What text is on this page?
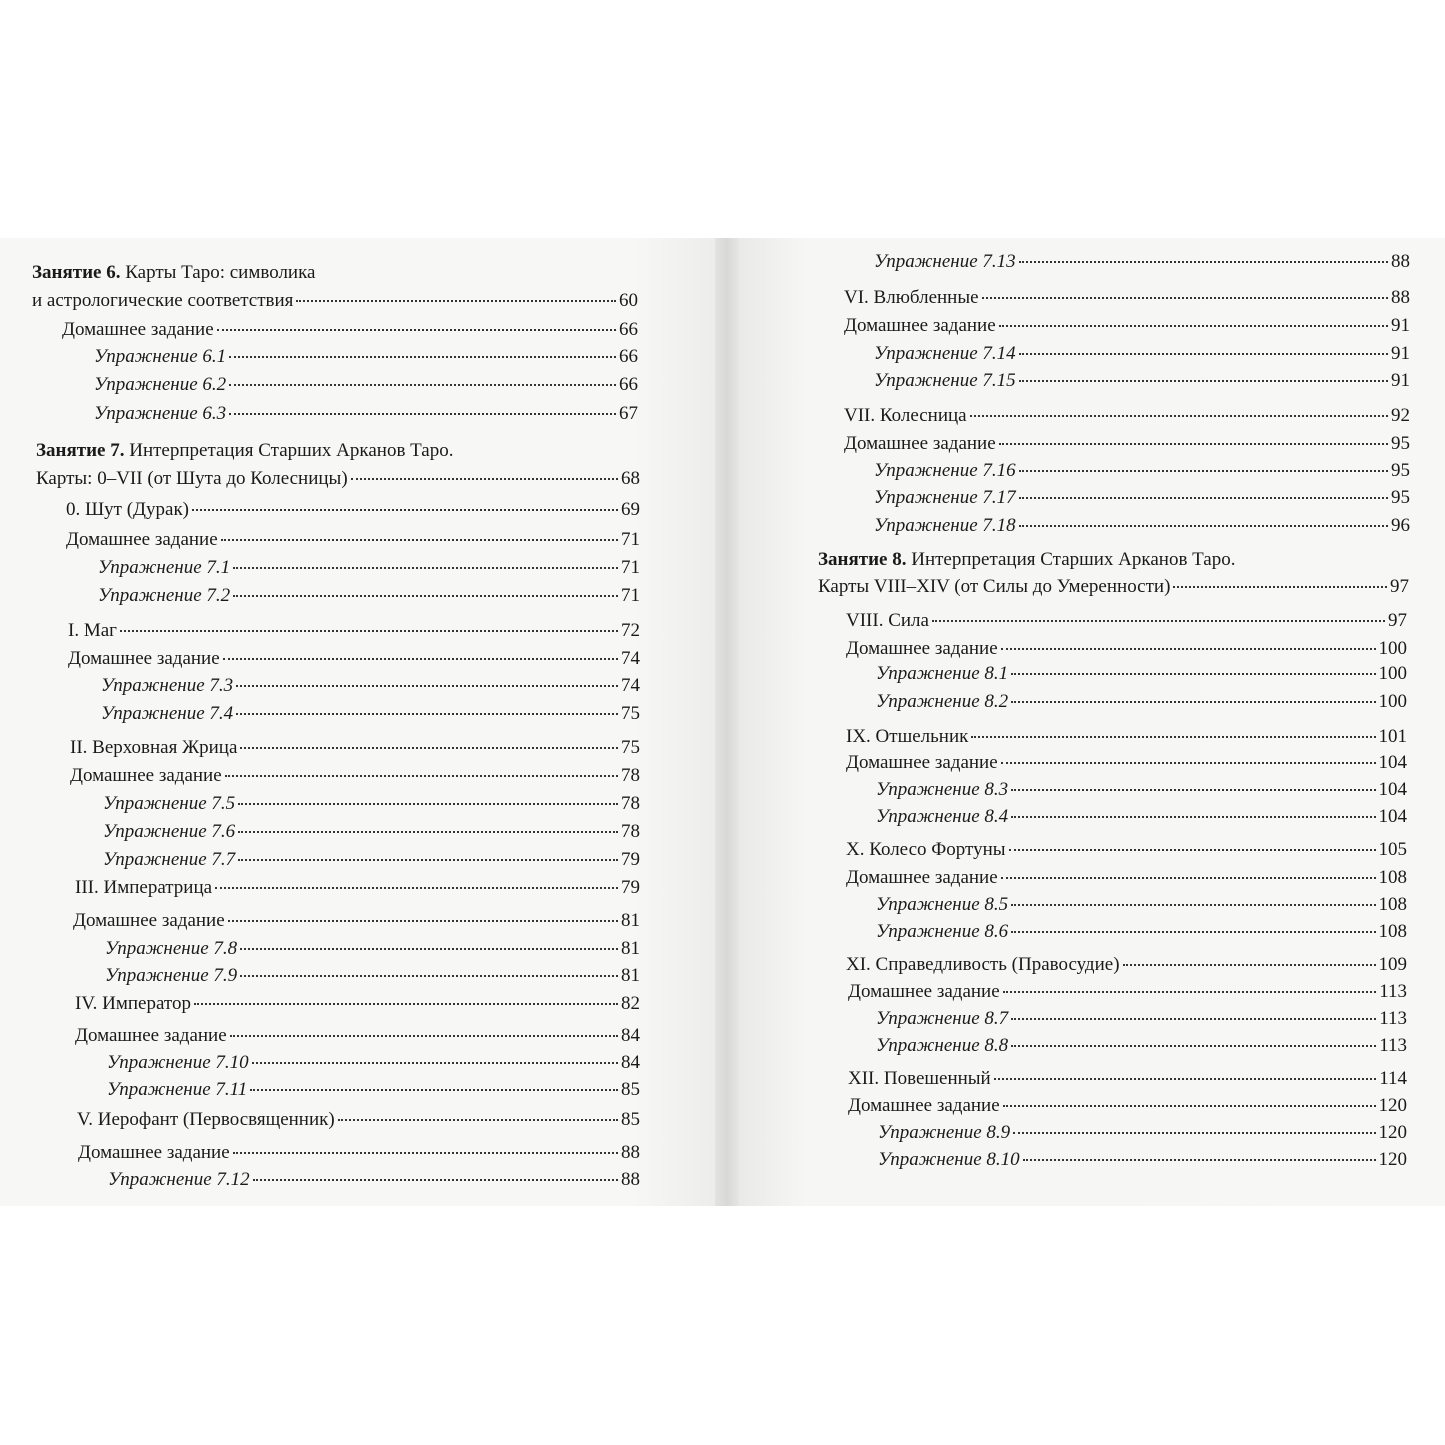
Занятие 6. Карты Таро: символика
и астрологические соответствия	60
Домашнее задание	66
Упражнение 6.1	66
Упражнение 6.2	66
Упражнение 6.3	67
Занятие 7. Интерпретация Старших Арканов Таро.
Карты: 0–VII (от Шута до Колесницы)	68
0. Шут (Дурак)	69
Домашнее задание	71
Упражнение 7.1	71
Упражнение 7.2	71
I. Маг	72
Домашнее задание	74
Упражнение 7.3	74
Упражнение 7.4	75
II. Верховная Жрица	75
Домашнее задание	78
Упражнение 7.5	78
Упражнение 7.6	78
Упражнение 7.7	79
III. Императрица	79
Домашнее задание	81
Упражнение 7.8	81
Упражнение 7.9	81
IV. Император	82
Домашнее задание	84
Упражнение 7.10	84
Упражнение 7.11	85
V. Иерофант (Первосвященник)	85
Домашнее задание	88
Упражнение 7.12	88
Упражнение 7.13	88
VI. Влюбленные	88
Домашнее задание	91
Упражнение 7.14	91
Упражнение 7.15	91
VII. Колесница	92
Домашнее задание	95
Упражнение 7.16	95
Упражнение 7.17	95
Упражнение 7.18	96
Занятие 8. Интерпретация Старших Арканов Таро.
Карты VIII–XIV (от Силы до Умеренности)	97
VIII. Сила	97
Домашнее задание	100
Упражнение 8.1	100
Упражнение 8.2	100
IX. Отшельник	101
Домашнее задание	104
Упражнение 8.3	104
Упражнение 8.4	104
X. Колесо Фортуны	105
Домашнее задание	108
Упражнение 8.5	108
Упражнение 8.6	108
XI. Справедливость (Правосудие)	109
Домашнее задание	113
Упражнение 8.7	113
Упражнение 8.8	113
XII. Повешенный	114
Домашнее задание	120
Упражнение 8.9	120
Упражнение 8.10	120
